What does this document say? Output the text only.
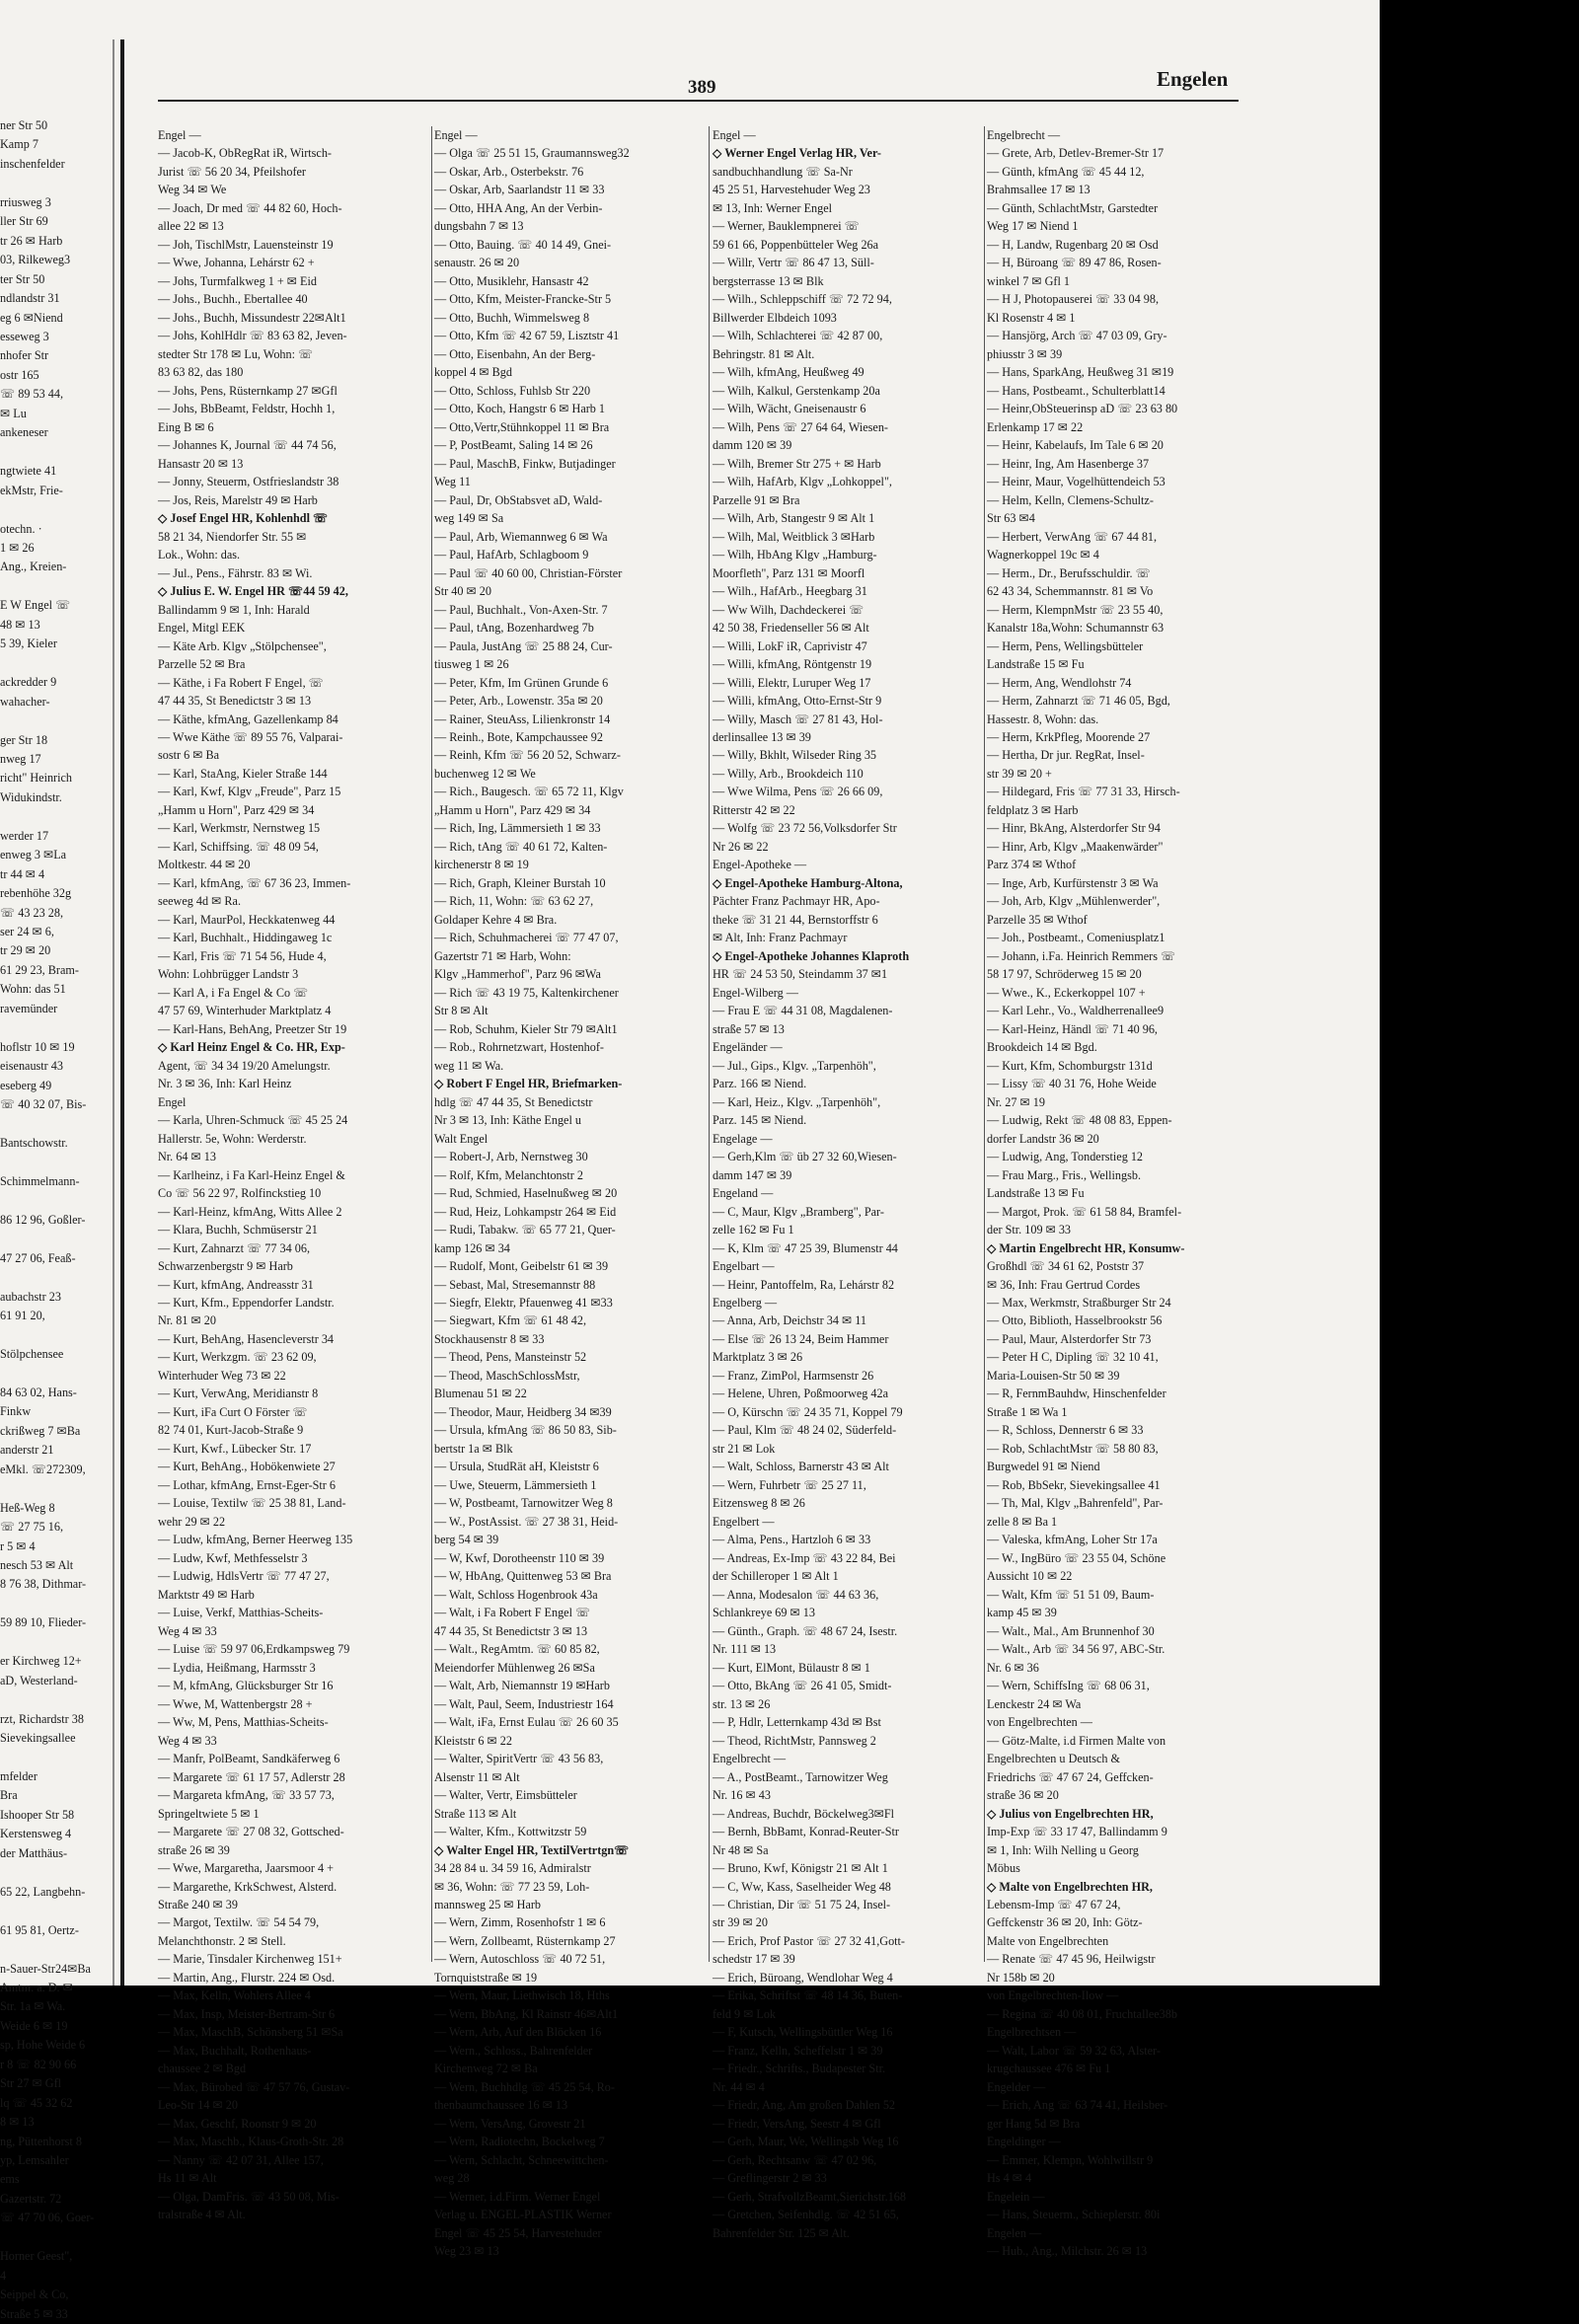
ner Str 50
Kamp 7
inschenfelder

rriusweg 3
ller Str 69
tr 26 ✉ Harb
03, Rilkeweg3
ter Str 50
ndlandstr 31
eg 6 ✉Niend
esseweg 3
nhofer Str
ostr 165
☏ 89 53 44,
✉ Lu
ankeneser

ngtwiete 41
ekMstr, Frie-

otechn. ·
1 ✉ 26
Ang., Kreien-

E W Engel ☏
48 ✉ 13
5 39, Kieler

ackredder 9
wahacher-

ger Str 18
nweg 17
richt" Heinrich
Widukindstr.

werder 17
enweg 3 ✉La
tr 44 ✉ 4
rebenhöhe 32g
☏ 43 23 28,
ser 24 ✉ 6,
tr 29 ✉ 20
61 29 23, Bram-
Wohn: das 51
ravemünder

hoflstr 10 ✉ 19
eisenaustr 43
eseberg 49
☏ 40 32 07, Bis-

Bantschowstr.

Schimmelmann-

86 12 96, Goßler-

47 27 06, Feaß-

aubachstr 23
61 91 20,

Stölpchensee

84 63 02, Hans-
Finkw
ckrißweg 7 ✉Ba
anderstr 21
eMkl. ☏272309,

Heß-Weg 8
☏ 27 75 16,
r 5 ✉ 4
nesch 53 ✉ Alt
8 76 38, Dithmar-

59 89 10, Flieder-

er Kirchweg 12+
aD, Westerland-

rzt, Richardstr 38
Sievekingsallee

mfelder
Bra
Ishooper Str 58
Kerstensweg 4
der Matthäus-

65 22, Langbehn-

61 95 81, Oertz-

n-Sauer-Str24✉Ba
Amtm. a. D. ✉
Str. 1a ✉ Wa.
Weide 6 ✉ 19
sp, Hohe Weide 6
r 8 ☏ 82 90 66
Str 27 ✉ Gfl
lq ☏ 45 32 62
8 ✉ 13
ng, Püttenhorst 8
yp, Lemsahler
ems
Gazertstr. 72
☏ 47 70 06, Goer-

Horner Geest",
4
Seippel & Co,
Straße 5 ✉ 33
389	Engelen
Engel —
— Jacob-K, ObRegRat iR, Wirtsch-
Jurist ☏ 56 20 34, Pfeilshofer
Weg 34 ✉ We
— Joach, Dr med ☏ 44 82 60, Hoch-
allee 22 ✉ 13
— Joh, TischlMstr, Lauensteinstr 19
— Wwe, Johanna, Lehárstr 62 +
— Johs, Turmfalkweg 1 + ✉ Eid
— Johs., Buchh., Ebertallee 40
— Johs., Buchh, Missundestr 22✉Alt1
— Johs, KohlHdlr ☏ 83 63 82, Jeven-
stedter Str 178 ✉ Lu, Wohn: ☏
83 63 82, das 180
— Johs, Pens, Rüsternkamp 27 ✉Gfl
— Johs, BbBeamt, Feldstr, Hochh 1,
Eing B ✉ 6
— Johannes K, Journal ☏ 44 74 56,
Hansastr 20 ✉ 13
— Jonny, Steuerm, Ostfrieslandstr 38
— Jos, Reis, Marelstr 49 ✉ Harb
◇ Josef Engel HR, Kohlenhdl ☏
58 21 34, Niendorfer Str. 55 ✉
Lok., Wohn: das.
— Jul., Pens., Fährstr. 83 ✉ Wi.
◇ Julius E. W. Engel HR ☏44 59 42,
Ballindamm 9 ✉ 1, Inh: Harald
Engel, Mitgl EEK
— Käte Arb. Klgv „Stölpchensee",
Parzelle 52 ✉ Bra
— Käthe, i Fa Robert F Engel, ☏
47 44 35, St Benedictstr 3 ✉ 13
— Käthe, kfmAng, Gazellenkamp 84
— Wwe Käthe ☏ 89 55 76, Valparai-
sostr 6 ✉ Ba
— Karl, StaAng, Kieler Straße 144
— Karl, Kwf, Klgv „Freude", Parz 15
„Hamm u Horn", Parz 429 ✉ 34
— Karl, Werkmstr, Nernstweg 15
— Karl, Schiffsing. ☏ 48 09 54,
Moltkestr. 44 ✉ 20
— Karl, kfmAng, ☏ 67 36 23, Immen-
seeweg 4d ✉ Ra.
— Karl, MaurPol, Heckkatenweg 44
— Karl, Buchhalt., Hiddingaweg 1c
— Karl, Fris ☏ 71 54 56, Hude 4,
Wohn: Lohbrügger Landstr 3
— Karl A, i Fa Engel & Co ☏
47 57 69, Winterhuder Marktplatz 4
— Karl-Hans, BehAng, Preetzer Str 19
◇ Karl Heinz Engel & Co. HR, Exp-
Agent, ☏ 34 34 19/20 Amelungstr.
Nr. 3 ✉ 36, Inh: Karl Heinz
Engel
— Karla, Uhren-Schmuck ☏ 45 25 24
Hallerstr. 5e, Wohn: Werderstr.
Nr. 64 ✉ 13
— Karlheinz, i Fa Karl-Heinz Engel &
Co ☏ 56 22 97, Rolfinckstieg 10
— Karl-Heinz, kfmAng, Witts Allee 2
— Klara, Buchh, Schmüserstr 21
— Kurt, Zahnarzt ☏ 77 34 06,
Schwarzenbergstr 9 ✉ Harb
— Kurt, kfmAng, Andreasstr 31
— Kurt, Kfm., Eppendorfer Landstr.
Nr. 81 ✉ 20
— Kurt, BehAng, Hasencleverstr 34
— Kurt, Werkzgm. ☏ 23 62 09,
Winterhuder Weg 73 ✉ 22
— Kurt, VerwAng, Meridianstr 8
— Kurt, iFa Curt O Förster ☏
82 74 01, Kurt-Jacob-Straße 9
— Kurt, Kwf., Lübecker Str. 17
— Kurt, BehAng., Hobökenwiete 27
— Lothar, kfmAng, Ernst-Eger-Str 6
— Louise, Textilw ☏ 25 38 81, Land-
wehr 29 ✉ 22
— Ludw, kfmAng, Berner Heerweg 135
— Ludw, Kwf, Methfesselstr 3
— Ludwig, HdlsVertr ☏ 77 47 27,
Marktstr 49 ✉ Harb
— Luise, Verkf, Matthias-Scheits-
Weg 4 ✉ 33
— Luise ☏ 59 97 06,Erdkampsweg 79
— Lydia, Heißmang, Harmsstr 3
— M, kfmAng, Glücksburger Str 16
— Wwe, M, Wattenbergstr 28 +
— Ww, M, Pens, Matthias-Scheits-
Weg 4 ✉ 33
— Manfr, PolBeamt, Sandkäferweg 6
— Margarete ☏ 61 17 57, Adlerstr 28
— Margareta kfmAng, ☏ 33 57 73,
Springeltwiete 5 ✉ 1
— Margarete ☏ 27 08 32, Gottsched-
straße 26 ✉ 39
— Wwe, Margaretha, Jaarsmoor 4 +
— Margarethe, KrkSchwest, Alsterd.
Straße 240 ✉ 39
— Margot, Textilw. ☏ 54 54 79,
Melanchthonstr. 2 ✉ Stell.
— Marie, Tinsdaler Kirchenweg 151+
— Martin, Ang., Flurstr. 224 ✉ Osd.
— Max, Kelln, Wohlers Allee 4
— Max, Insp, Meister-Bertram-Str 6
— Max, MaschB, Schönsberg 51 ✉Sa
— Max, Buchhalt, Rothenhaus-
chaussee 2 ✉ Bgd
— Max, Bürobed ☏ 47 57 76, Gustav-
Leo-Str 14 ✉ 20
— Max, Geschf, Roonstr 9 ✉ 20
— Max, Maschb., Klaus-Groth-Str. 28
— Nanny ☏ 42 07 31, Allee 157,
Hs 11 ✉ Alt
— Olga, DamFris. ☏ 43 50 08, Mis-
tralstraße 4 ✉ Alt.
Engel —
— Olga ☏ 25 51 15, Graumannsweg32
— Oskar, Arb., Osterbekstr. 76
— Oskar, Arb, Saarlandstr 11 ✉ 33
— Otto, HHA Ang, An der Verbin-
dungsbahn 7 ✉ 13
— Otto, Bauing. ☏ 40 14 49, Gnei-
senaustr. 26 ✉ 20
— Otto, Musiklehr, Hansastr 42
— Otto, Kfm, Meister-Francke-Str 5
— Otto, Buchh, Wimmelsweg 8
— Otto, Kfm ☏ 42 67 59, Lisztstr 41
— Otto, Eisenbahn, An der Berg-
koppel 4 ✉ Bgd
— Otto, Schloss, Fuhlsb Str 220
— Otto, Koch, Hangstr 6 ✉ Harb 1
— Otto,Vertr,Stühnkoppel 11 ✉ Bra
— P, PostBeamt, Saling 14 ✉ 26
— Paul, MaschB, Finkw, Butjadinger
Weg 11
— Paul, Dr, ObStabsvet aD, Wald-
weg 149 ✉ Sa
— Paul, Arb, Wiemannweg 6 ✉ Wa
— Paul, HafArb, Schlagboom 9
— Paul ☏ 40 60 00, Christian-Förster
Str 40 ✉ 20
— Paul, Buchhalt., Von-Axen-Str. 7
— Paul, tAng, Bozenhardweg 7b
— Paula, JustAng ☏ 25 88 24, Cur-
tiusweg 1 ✉ 26
— Peter, Kfm, Im Grünen Grunde 6
— Peter, Arb., Lowenstr. 35a ✉ 20
— Rainer, SteuAss, Lilienkronstr 14
— Reinh., Bote, Kampchaussee 92
— Reinh, Kfm ☏ 56 20 52, Schwarz-
buchenweg 12 ✉ We
— Rich., Baugesch. ☏ 65 72 11, Klgv
„Hamm u Horn", Parz 429 ✉ 34
— Rich, Ing, Lämmersieth 1 ✉ 33
— Rich, tAng ☏ 40 61 72, Kalten-
kirchenerstr 8 ✉ 19
— Rich, Graph, Kleiner Burstah 10
— Rich, 11, Wohn: ☏ 63 62 27,
Goldaper Kehre 4 ✉ Bra.
— Rich, Schuhmacherei ☏ 77 47 07,
Gazertstr 71 ✉ Harb, Wohn:
Klgv „Hammerhof", Parz 96 ✉Wa
— Rich ☏ 43 19 75, Kaltenkirchener
Str 8 ✉ Alt
— Rob, Schuhm, Kieler Str 79 ✉Alt1
— Rob., Rohrnetzwart, Hostenhof-
weg 11 ✉ Wa.
◇ Robert F Engel HR, Briefmarken-
hdlg ☏ 47 44 35, St Benedictstr
Nr 3 ✉ 13, Inh: Käthe Engel u
Walt Engel
— Robert-J, Arb, Nernstweg 30
— Rolf, Kfm, Melanchtonstr 2
— Rud, Schmied, Haselnußweg ✉ 20
— Rud, Heiz, Lohkampstr 264 ✉ Eid
— Rudi, Tabakw. ☏ 65 77 21, Quer-
kamp 126 ✉ 34
— Rudolf, Mont, Geibelstr 61 ✉ 39
— Sebast, Mal, Stresemannstr 88
— Siegfr, Elektr, Pfauenweg 41 ✉33
— Siegwart, Kfm ☏ 61 48 42,
Stockhausenstr 8 ✉ 33
— Theod, Pens, Mansteinstr 52
— Theod, MaschSchlossMstr,
Blumenau 51 ✉ 22
— Theodor, Maur, Heidberg 34 ✉39
— Ursula, kfmAng ☏ 86 50 83, Sib-
bertstr 1a ✉ Blk
— Ursula, StudRät aH, Kleiststr 6
— Uwe, Steuerm, Lämmersieth 1
— W, Postbeamt, Tarnowitzer Weg 8
— W., PostAssist. ☏ 27 38 31, Heid-
berg 54 ✉ 39
— W, Kwf, Dorotheenstr 110 ✉ 39
— W, HbAng, Quittenweg 53 ✉ Bra
— Walt, Schloss Hogenbrook 43a
— Walt, i Fa Robert F Engel ☏
47 44 35, St Benedictstr 3 ✉ 13
— Walt., RegAmtm. ☏ 60 85 82,
Meiendorfer Mühlenweg 26 ✉Sa
— Walt, Arb, Niemannstr 19 ✉Harb
— Walt, Paul, Seem, Industriestr 164
— Walt, iFa, Ernst Eulau ☏ 26 60 35
Kleiststr 6 ✉ 22
— Walter, SpiritVertr ☏ 43 56 83,
Alsenstr 11 ✉ Alt
— Walter, Vertr, Eimsbütteler
Straße 113 ✉ Alt
— Walter, Kfm., Kottwitzstr 59
◇ Walter Engel HR, TextilVertrtgn☏
34 28 84 u. 34 59 16, Admiralstr
✉ 36, Wohn: ☏ 77 23 59, Loh-
mannsweg 25 ✉ Harb
— Wern, Zimm, Rosenhofstr 1 ✉ 6
— Wern, Zollbeamt, Rüsternkamp 27
— Wern, Autoschloss ☏ 40 72 51,
Tornquiststraße ✉ 19
— Wern, Maur, Liethwisch 18, Hths
— Wern, BbAng, Kl Rainstr 46✉Alt1
— Wern, Arb, Auf den Blöcken 16
— Wern., Schloss., Bahrenfelder
Kirchenweg 72 ✉ Ba
— Wern, Buchhdlg ☏ 45 25 54, Ro-
thenbaumchaussee 16 ✉ 13
— Wern, VersAng, Grovestr 21
— Wern, Radiotechn, Bockelweg 7
— Wern, Schlacht, Schneewittchen-
weg 28
— Werner, i.d.Firm. Werner Engel
Verlag u. ENGEL-PLASTIK Werner
Engel ☏ 45 25 54, Harvestehuder
Weg 23 ✉ 13
Engel —
◇ Werner Engel Verlag HR, Ver-
sandbuchhandlung ☏ Sa-Nr
45 25 51, Harvestehuder Weg 23
✉ 13, Inh: Werner Engel
— Werner, Bauklempnerei ☏
59 61 66, Poppenbütteler Weg 26a
— Willr, Vertr ☏ 86 47 13, Süll-
bergsterrasse 13 ✉ Blk
— Wilh., Schleppschiff ☏ 72 72 94,
Billwerder Elbdeich 1093
— Wilh, Schlachterei ☏ 42 87 00,
Behringstr. 81 ✉ Alt.
— Wilh, kfmAng, Heußweg 49
— Wilh, Kalkul, Gerstenkamp 20a
— Wilh, Wächt, Gneisenaustr 6
— Wilh, Pens ☏ 27 64 64, Wiesen-
damm 120 ✉ 39
— Wilh, Bremer Str 275 + ✉ Harb
— Wilh, HafArb, Klgv „Lohkoppel",
Parzelle 91 ✉ Bra
— Wilh, Arb, Stangestr 9 ✉ Alt 1
— Wilh, Mal, Weitblick 3 ✉Harb
— Wilh, HbAng Klgv „Hamburg-
Moorfleth", Parz 131 ✉ Moorfl
— Wilh., HafArb., Heegbarg 31
— Ww Wilh, Dachdeckerei ☏
42 50 38, Friedenseller 56 ✉ Alt
— Willi, LokF iR, Caprivistr 47
— Willi, kfmAng, Röntgenstr 19
— Willi, Elektr, Luruper Weg 17
— Willi, kfmAng, Otto-Ernst-Str 9
— Willy, Masch ☏ 27 81 43, Hol-
derlinsallee 13 ✉ 39
— Willy, Bkhlt, Wilseder Ring 35
— Willy, Arb., Brookdeich 110
— Wwe Wilma, Pens ☏ 26 66 09,
Ritterstr 42 ✉ 22
— Wolfg ☏ 23 72 56,Volksdorfer Str
Nr 26 ✉ 22
Engel-Apotheke —
◇ Engel-Apotheke Hamburg-Altona,
Pächter Franz Pachmayr HR, Apo-
theke ☏ 31 21 44, Bernstorffstr 6
✉ Alt, Inh: Franz Pachmayr
◇ Engel-Apotheke Johannes Klaproth
HR ☏ 24 53 50, Steindamm 37 ✉1
Engel-Wilberg —
— Frau E ☏ 44 31 08, Magdalenen-
straße 57 ✉ 13
Engeländer —
— Jul., Gips., Klgv. „Tarpenhöh",
Parz. 166 ✉ Niend.
— Karl, Heiz., Klgv. „Tarpenhöh",
Parz. 145 ✉ Niend.
Engelage —
— Gerh,Klm ☏ üb 27 32 60,Wiesen-
damm 147 ✉ 39
Engeland —
— C, Maur, Klgv „Bramberg", Par-
zelle 162 ✉ Fu 1
— K, Klm ☏ 47 25 39, Blumenstr 44
Engelbart —
— Heinr, Pantoffelm, Ra, Lehárstr 82
Engelberg —
— Anna, Arb, Deichstr 34 ✉ 11
— Else ☏ 26 13 24, Beim Hammer
Marktplatz 3 ✉ 26
— Franz, ZimPol, Harmsenstr 26
— Helene, Uhren, Poßmoorweg 42a
— O, Kürschn ☏ 24 35 71, Koppel 79
— Paul, Klm ☏ 48 24 02, Süderfeld-
str 21 ✉ Lok
— Walt, Schloss, Barnerstr 43 ✉ Alt
— Wern, Fuhrbetr ☏ 25 27 11,
Eitzensweg 8 ✉ 26
Engelbert —
— Alma, Pens., Hartzloh 6 ✉ 33
— Andreas, Ex-Imp ☏ 43 22 84, Bei
der Schilleroper 1 ✉ Alt 1
— Anna, Modesalon ☏ 44 63 36,
Schlankreye 69 ✉ 13
— Günth., Graph. ☏ 48 67 24, Isestr.
Nr. 111 ✉ 13
— Kurt, ElMont, Bülaustr 8 ✉ 1
— Otto, BkAng ☏ 26 41 05, Smidt-
str. 13 ✉ 26
— P, Hdlr, Letternkamp 43d ✉ Bst
— Theod, RichtMstr, Pannsweg 2
Engelbrecht —
— A., PostBeamt., Tarnowitzer Weg
Nr. 16 ✉ 43
— Andreas, Buchdr, Böckelweg3✉Fl
— Bernh, BbBamt, Konrad-Reuter-Str
Nr 48 ✉ Sa
— Bruno, Kwf, Königstr 21 ✉ Alt 1
— C, Ww, Kass, Saselheider Weg 48
— Christian, Dir ☏ 51 75 24, Insel-
str 39 ✉ 20
— Erich, Prof Pastor ☏ 27 32 41,Gott-
schedstr 17 ✉ 39
— Erich, Büroang, Wendlohar Weg 4
— Erika, Schriftst ☏ 48 14 36, Buten-
feld 9 ✉ Lok
— F, Kutsch, Wellingsbüttler Weg 16
— Franz, Kelln, Scheffelstr 1 ✉ 39
— Friedr., Schrifts., Budapester Str.
Nr. 44 ✉ 4
— Friedr, Ang, Am großen Dahlen 52
— Friedr, VersAng, Seestr 4 ✉ Gfl
— Gerh, Maur, We, Wellingsb Weg 16
— Gerh, Rechtsanw ☏ 47 02 96,
— Greflingerstr 2 ✉ 33
— Gerh, StrafvollzBeamt,Sierichstr.168
— Gretchen, Seifenhdlg. ☏ 42 51 65,
Bahrenfelder Str. 125 ✉ Alt.
Engelbrecht —
— Grete, Arb, Detlev-Bremer-Str 17
— Günth, kfmAng ☏ 45 44 12,
Brahmsallee 17 ✉ 13
— Günth, SchlachtMstr, Garstedter
Weg 17 ✉ Niend 1
— H, Landw, Rugenbarg 20 ✉ Osd
— H, Büroang ☏ 89 47 86, Rosen-
winkel 7 ✉ Gfl 1
— H J, Photopauserei ☏ 33 04 98,
Kl Rosenstr 4 ✉ 1
— Hansjörg, Arch ☏ 47 03 09, Gry-
phiusstr 3 ✉ 39
— Hans, SparkAng, Heußweg 31 ✉19
— Hans, Postbeamt., Schulterblatt14
— Heinr,ObSteuerinsp aD ☏ 23 63 80
Erlenkamp 17 ✉ 22
— Heinr, Kabelaufs, Im Tale 6 ✉ 20
— Heinr, Ing, Am Hasenberge 37
— Heinr, Maur, Vogelhüttendeich 53
— Helm, Kelln, Clemens-Schultz-
Str 63 ✉4
— Herbert, VerwAng ☏ 67 44 81,
Wagnerkoppel 19c ✉ 4
— Herm., Dr., Berufsschuldir. ☏
62 43 34, Schemmannstr. 81 ✉ Vo
— Herm, KlempnMstr ☏ 23 55 40,
Kanalstr 18a,Wohn: Schumannstr 63
— Herm, Pens, Wellingsbütteler
Landstraße 15 ✉ Fu
— Herm, Ang, Wendlohstr 74
— Herm, Zahnarzt ☏ 71 46 05, Bgd,
Hassestr. 8, Wohn: das.
— Herm, KrkPfleg, Moorende 27
— Hertha, Dr jur. RegRat, Insel-
str 39 ✉ 20 +
— Hildegard, Fris ☏ 77 31 33, Hirsch-
feldplatz 3 ✉ Harb
— Hinr, BkAng, Alsterdorfer Str 94
— Hinr, Arb, Klgv „Maakenwärder"
Parz 374 ✉ Wthof
— Inge, Arb, Kurfürstenstr 3 ✉ Wa
— Joh, Arb, Klgv „Mühlenwerder",
Parzelle 35 ✉ Wthof
— Joh., Postbeamt., Comeniusplatz1
— Johann, i.Fa. Heinrich Remmers ☏
58 17 97, Schröderweg 15 ✉ 20
— Wwe., K., Eckerkoppel 107 +
— Karl Lehr., Vo., Waldherrenallee9
— Karl-Heinz, Händl ☏ 71 40 96,
Brookdeich 14 ✉ Bgd.
— Kurt, Kfm, Schomburgstr 131d
— Lissy ☏ 40 31 76, Hohe Weide
Nr. 27 ✉ 19
— Ludwig, Rekt ☏ 48 08 83, Eppen-
dorfer Landstr 36 ✉ 20
— Ludwig, Ang, Tonderstieg 12
— Frau Marg., Fris., Wellingsb.
Landstraße 13 ✉ Fu
— Margot, Prok. ☏ 61 58 84, Bramfel-
der Str. 109 ✉ 33
◇ Martin Engelbrecht HR, Konsumw-
Großhdl ☏ 34 61 62, Poststr 37
✉ 36, Inh: Frau Gertrud Cordes
— Max, Werkmstr, Straßburger Str 24
— Otto, Biblioth, Hasselbrookstr 56
— Paul, Maur, Alsterdorfer Str 73
— Peter H C, Dipling ☏ 32 10 41,
Maria-Louisen-Str 50 ✉ 39
— R, FernmBauhdw, Hinschenfelder
Straße 1 ✉ Wa 1
— R, Schloss, Dennerstr 6 ✉ 33
— Rob, SchlachtMstr ☏ 58 80 83,
Burgwedel 91 ✉ Niend
— Rob, BbSekr, Sievekingsallee 41
— Th, Mal, Klgv „Bahrenfeld", Par-
zelle 8 ✉ Ba 1
— Valeska, kfmAng, Loher Str 17a
— W., IngBüro ☏ 23 55 04, Schöne
Aussicht 10 ✉ 22
— Walt, Kfm ☏ 51 51 09, Baum-
kamp 45 ✉ 39
— Walt., Mal., Am Brunnenhof 30
— Walt., Arb ☏ 34 56 97, ABC-Str.
Nr. 6 ✉ 36
— Wern, SchiffsIng ☏ 68 06 31,
Lenckestr 24 ✉ Wa
von Engelbrechten —
— Götz-Malte, i.d Firmen Malte von
Engelbrechten u Deutsch &
Friedrichs ☏ 47 67 24, Geffcken-
straße 36 ✉ 20
◇ Julius von Engelbrechten HR,
Imp-Exp ☏ 33 17 47, Ballindamm 9
✉ 1, Inh: Wilh Nelling u Georg
Möbus
◇ Malte von Engelbrechten HR,
Lebensm-Imp ☏ 47 67 24,
Geffckenstr 36 ✉ 20, Inh: Götz-
Malte von Engelbrechten
— Renate ☏ 47 45 96, Heilwigstr
Nr 158b ✉ 20
von Engelbrechten-Ilow —
— Regina ☏ 40 08 01, Fruchtallee38b
Engelbrechtsen —
— Walt, Labor ☏ 59 32 63, Alster-
krugchaussee 476 ✉ Fu 1
Engelder —
— Erich, Ang ☏ 63 74 41, Heilsber-
ger Hang 5d ✉ Bra
Engeldinger —
— Emmer, Klempn, Wohlwillstr 9
Hs 4 ✉ 4
Engelein —
— Hans, Steuerm., Schieplerstr. 80i
Engelen —
— Hub., Ang., Milchstr. 26 ✉ 13
